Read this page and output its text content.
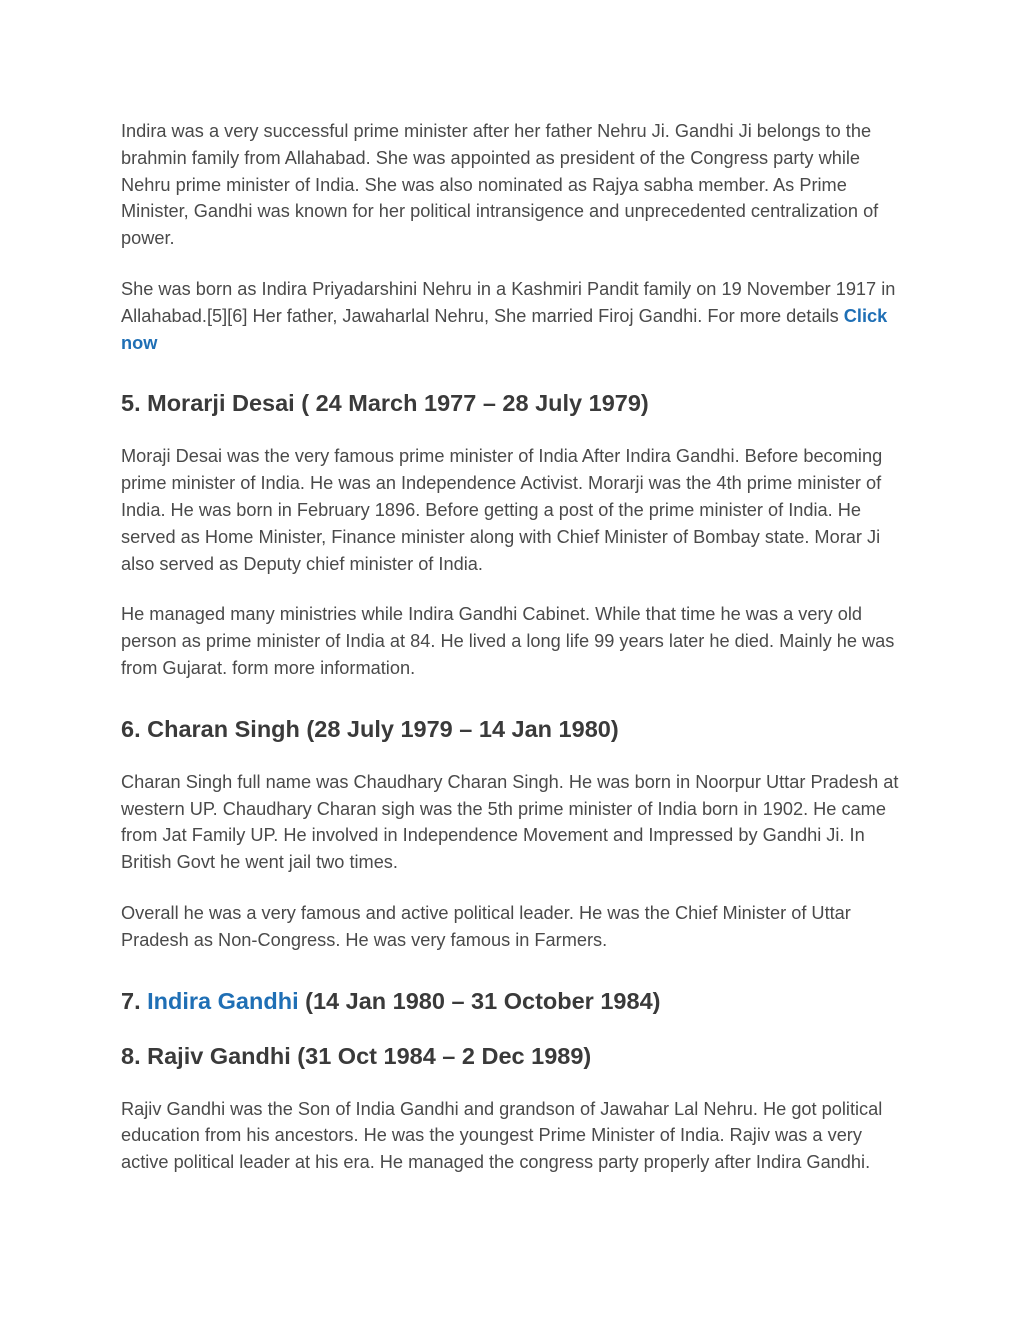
Indira was a very successful prime minister after her father Nehru Ji. Gandhi Ji belongs to the brahmin family from Allahabad. She was appointed as president of the Congress party while Nehru prime minister of India. She was also nominated as Rajya sabha member. As Prime Minister, Gandhi was known for her political intransigence and unprecedented centralization of power.

She was born as Indira Priyadarshini Nehru in a Kashmiri Pandit family on 19 November 1917 in Allahabad.[5][6] Her father, Jawaharlal Nehru, She married Firoj Gandhi. For more details Click now

5. Morarji Desai ( 24 March 1977 – 28 July 1979)

Moraji Desai was the very famous prime minister of India After Indira Gandhi. Before becoming prime minister of India. He was an Independence Activist. Morarji was the 4th prime minister of India. He was born in February 1896. Before getting a post of the prime minister of India. He served as Home Minister, Finance minister along with Chief Minister of Bombay state. Morar Ji also served as Deputy chief minister of India.

He managed many ministries while Indira Gandhi Cabinet. While that time he was a very old person as prime minister of India at 84. He lived a long life 99 years later he died. Mainly he was from Gujarat. form more information.

6. Charan Singh (28 July 1979 – 14 Jan 1980)

Charan Singh full name was Chaudhary Charan Singh. He was born in Noorpur Uttar Pradesh at western UP. Chaudhary Charan sigh was the 5th prime minister of India born in 1902. He came from Jat Family UP. He involved in Independence Movement and Impressed by Gandhi Ji. In British Govt he went jail two times.

Overall he was a very famous and active political leader. He was the Chief Minister of Uttar Pradesh as Non-Congress. He was very famous in Farmers.

7. Indira Gandhi (14 Jan 1980 – 31 October 1984)
8. Rajiv Gandhi (31 Oct 1984 – 2 Dec 1989)

Rajiv Gandhi was the Son of India Gandhi and grandson of Jawahar Lal Nehru. He got political education from his ancestors. He was the youngest Prime Minister of India. Rajiv was a very active political leader at his era. He managed the congress party properly after Indira Gandhi.
